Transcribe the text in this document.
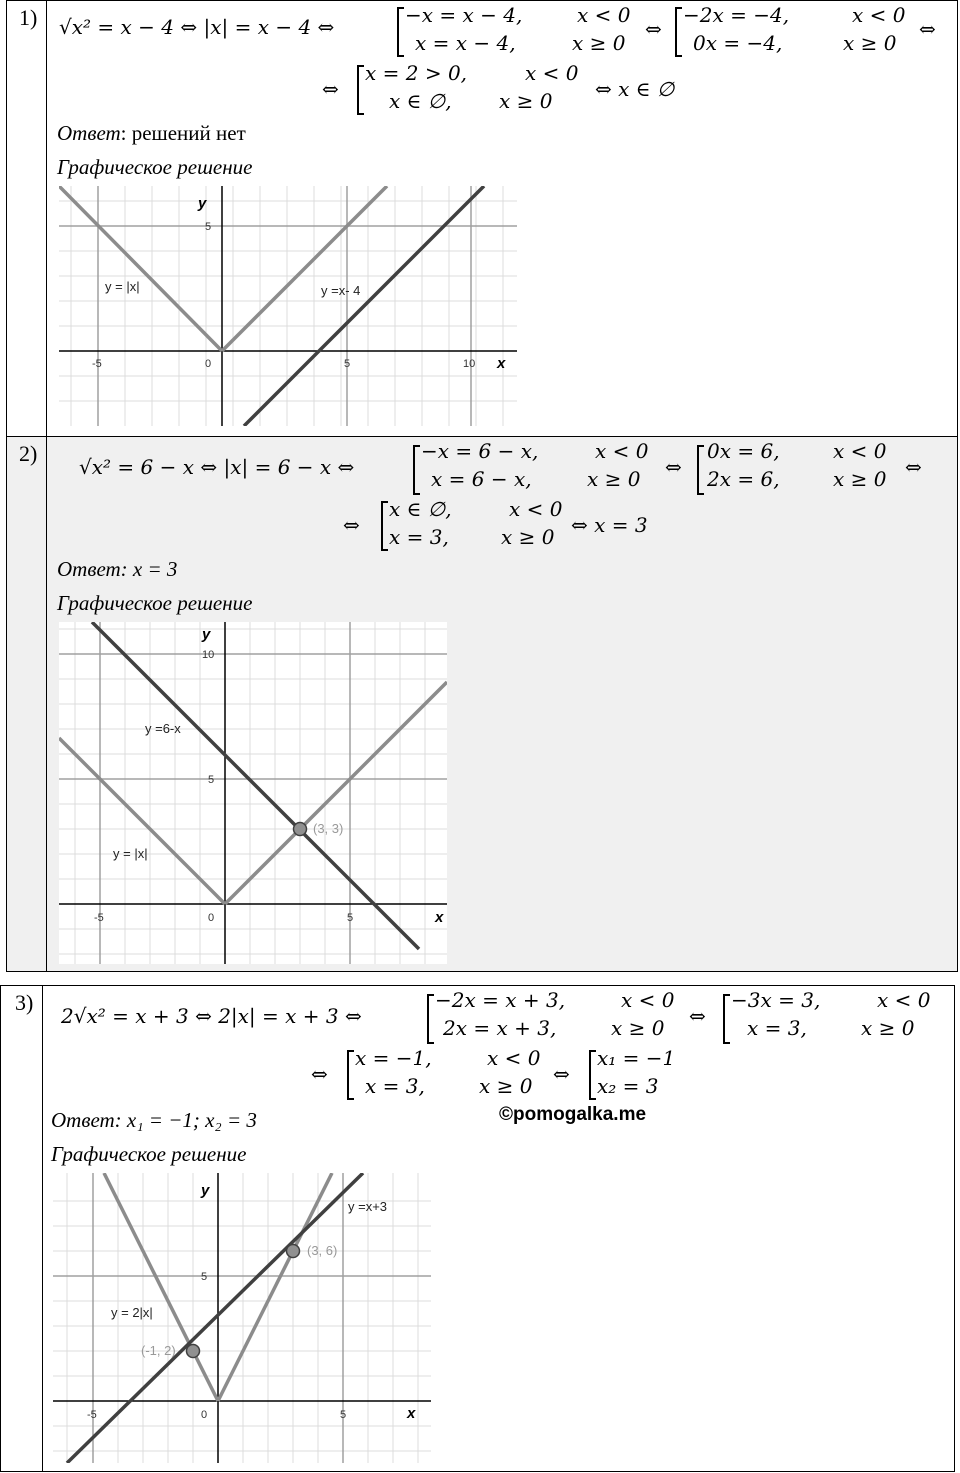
1)	√x² = x − 4 ⇔ |x| = x − 4 ⇔	−x = x − 4,	x < 0
x = x − 4,	x ≥ 0
⇔
−2x = −4,	x < 0
0x = −4,	x ≥ 0
⇔
⇔
x = 2 > 0,	x < 0
x ∈ ∅, x ≥ 0 ⇔ x ∈ ∅
Ответ: решений нет
Графическое решение
y
x
5
-5	0	5	10
y = |x|	y =x- 4
2)
√x² = 6 − x ⇔ |x| = 6 − x ⇔
−x = 6 − x,	x < 0
x = 6 − x,	x ≥ 0 ⇔
0x = 6,	x < 0
2x = 6,	x ≥ 0 ⇔
⇔
x ∈ ∅,	x < 0
x = 3,	x ≥ 0 ⇔ x = 3
Ответ: x = 3
Графическое решение
y
x
10
5
-5	0	5
y =6-x
y = |x|
(3, 3)
3)
2√x² = x + 3 ⇔ 2|x| = x + 3 ⇔
−2x = x + 3,	x < 0
2x = x + 3,	x ≥ 0 ⇔
−3x = 3,	x < 0
x = 3,	x ≥ 0
⇔
x = −1,	x < 0
x = 3,	x ≥ 0 ⇔
x₁ = −1
x₂ = 3
Ответ: x₁ = −1; x₂ = 3	©pomogalka.me
Графическое решение
y
x
5
-5	0	5
y =x+3
y = 2|x|
(3, 6)
(-1, 2)
